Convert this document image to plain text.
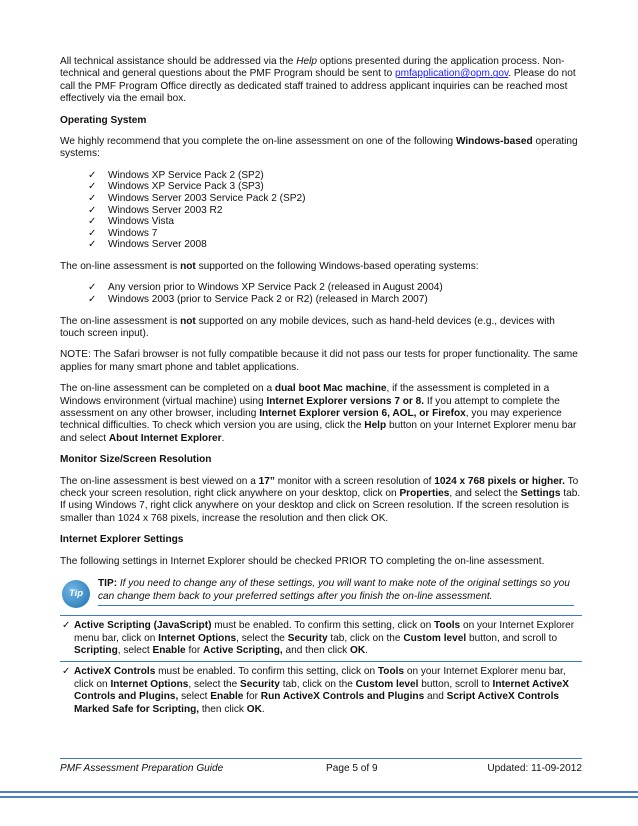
All technical assistance should be addressed via the Help options presented during the application process. Non-technical and general questions about the PMF Program should be sent to pmfapplication@opm.gov. Please do not call the PMF Program Office directly as dedicated staff trained to address applicant inquiries can be reached most effectively via the email box.

Operating System

We highly recommend that you complete the on-line assessment on one of the following Windows-based operating systems:

✓ Windows XP Service Pack 2 (SP2)
✓ Windows XP Service Pack 3 (SP3)
✓ Windows Server 2003 Service Pack 2 (SP2)
✓ Windows Server 2003 R2
✓ Windows Vista
✓ Windows 7
✓ Windows Server 2008

The on-line assessment is not supported on the following Windows-based operating systems:

✓ Any version prior to Windows XP Service Pack 2 (released in August 2004)
✓ Windows 2003 (prior to Service Pack 2 or R2) (released in March 2007)

The on-line assessment is not supported on any mobile devices, such as hand-held devices (e.g., devices with touch screen input).

NOTE: The Safari browser is not fully compatible because it did not pass our tests for proper functionality. The same applies for many smart phone and tablet applications.

The on-line assessment can be completed on a dual boot Mac machine, if the assessment is completed in a Windows environment (virtual machine) using Internet Explorer versions 7 or 8. If you attempt to complete the assessment on any other browser, including Internet Explorer version 6, AOL, or Firefox, you may experience technical difficulties. To check which version you are using, click the Help button on your Internet Explorer menu bar and select About Internet Explorer.

Monitor Size/Screen Resolution

The on-line assessment is best viewed on a 17” monitor with a screen resolution of 1024 x 768 pixels or higher. To check your screen resolution, right click anywhere on your desktop, click on Properties, and select the Settings tab. If using Windows 7, right click anywhere on your desktop and click on Screen resolution. If the screen resolution is smaller than 1024 x 768 pixels, increase the resolution and then click OK.

Internet Explorer Settings

The following settings in Internet Explorer should be checked PRIOR TO completing the on-line assessment.

Tip
TIP: If you need to change any of these settings, you will want to make note of the original settings so you can change them back to your preferred settings after you finish the on-line assessment.
✓ Active Scripting (JavaScript) must be enabled. To confirm this setting, click on Tools on your Internet Explorer menu bar, click on Internet Options, select the Security tab, click on the Custom level button, and scroll to Scripting, select Enable for Active Scripting, and then click OK.
✓ ActiveX Controls must be enabled. To confirm this setting, click on Tools on your Internet Explorer menu bar, click on Internet Options, select the Security tab, click on the Custom level button, scroll to Internet ActiveX Controls and Plugins, select Enable for Run ActiveX Controls and Plugins and Script ActiveX Controls Marked Safe for Scripting, then click OK.
PMF Assessment Preparation Guide	Page 5 of 9	Updated: 11-09-2012
